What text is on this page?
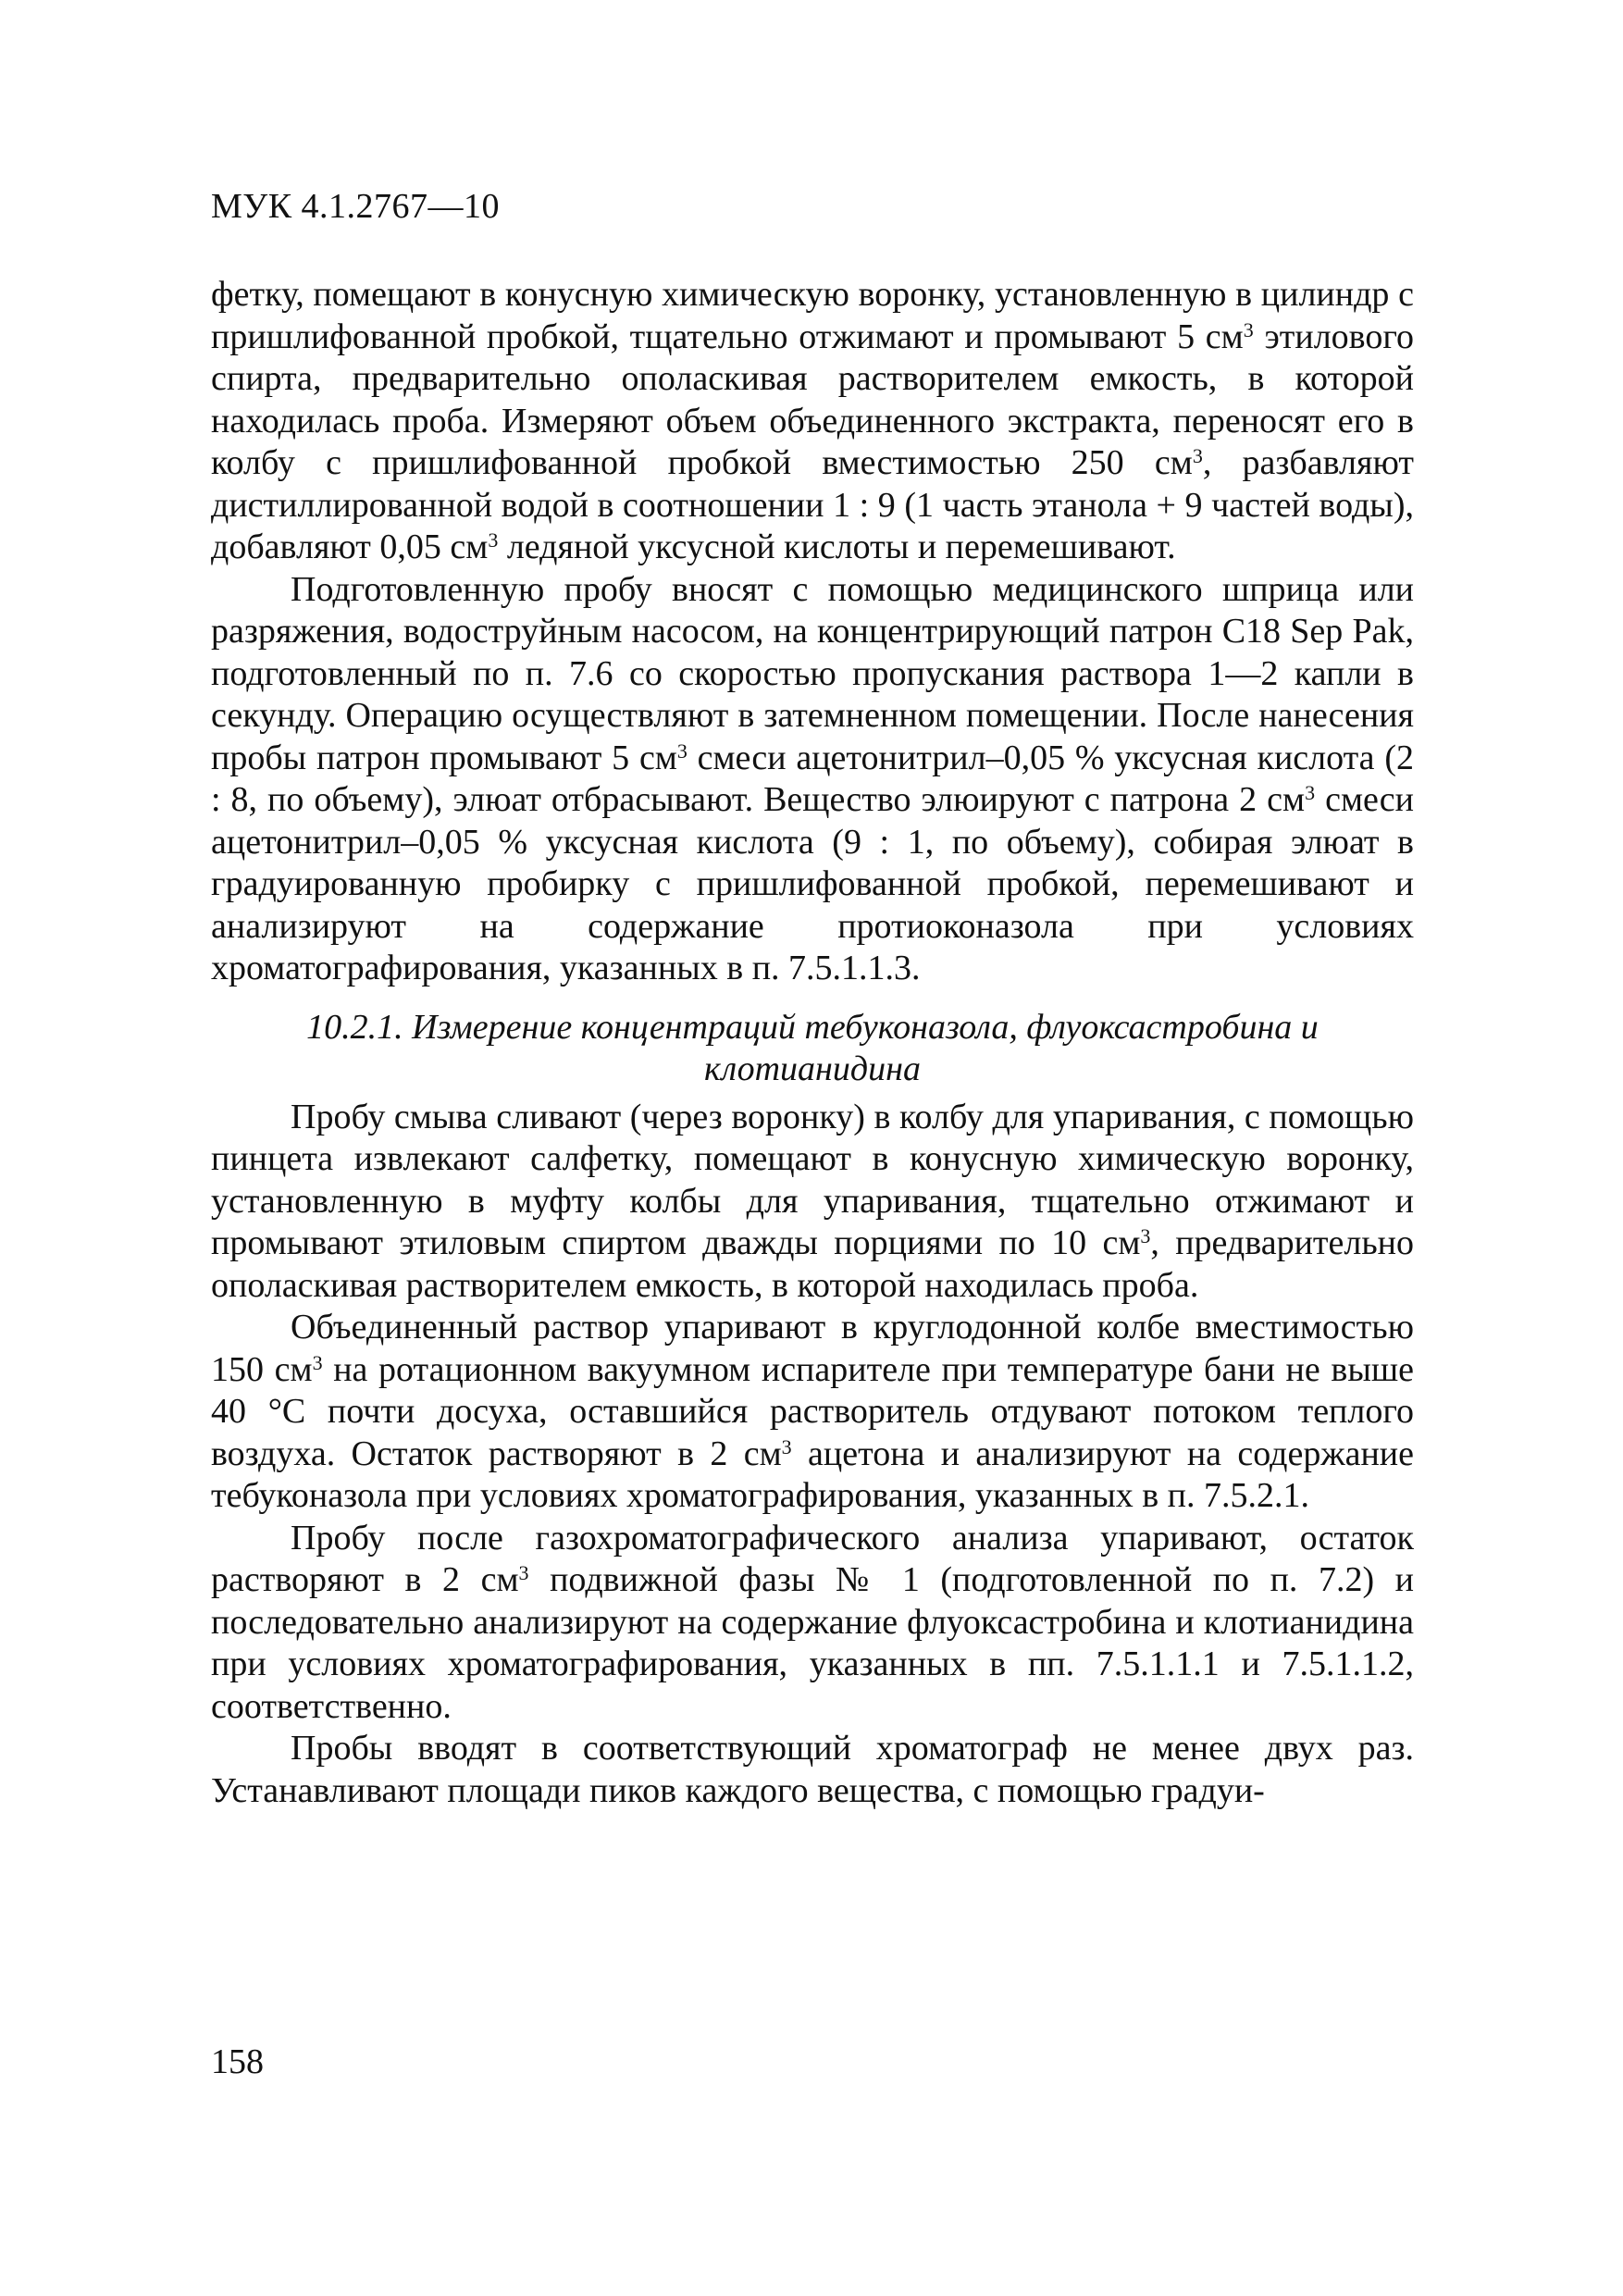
МУК 4.1.2767—10

фетку, помещают в конусную химическую воронку, установленную в цилиндр с пришлифованной пробкой, тщательно отжимают и промывают 5 $см^3$ этилового спирта, предварительно ополаскивая растворителем емкость, в которой находилась проба. Измеряют объем объединенного экстракта, переносят его в колбу с пришлифованной пробкой вместимостью 250 $см^3$, разбавляют дистиллированной водой в соотношении 1 : 9 (1 часть этанола + 9 частей воды), добавляют 0,05 $см^3$ ледяной уксусной кислоты и перемешивают.

Подготовленную пробу вносят с помощью медицинского шприца или разряжения, водоструйным насосом, на концентрирующий патрон C18 Sep Pak, подготовленный по п. 7.6 со скоростью пропускания раствора 1—2 капли в секунду. Операцию осуществляют в затемненном помещении. После нанесения пробы патрон промывают 5 $см^3$ смеси ацетонитрил–0,05 % уксусная кислота (2 : 8, по объему), элюат отбрасывают. Вещество элюируют с патрона 2 $см^3$ смеси ацетонитрил–0,05 % уксусная кислота (9 : 1, по объему), собирая элюат в градуированную пробирку с пришлифованной пробкой, перемешивают и анализируют на содержание протиоконазола при условиях хроматографирования, указанных в п. 7.5.1.1.3.

10.2.1. Измерение концентраций тебуконазола, флуоксастробина и
клотианидина

Пробу смыва сливают (через воронку) в колбу для упаривания, с помощью пинцета извлекают салфетку, помещают в конусную химическую воронку, установленную в муфту колбы для упаривания, тщательно отжимают и промывают этиловым спиртом дважды порциями по 10 $см^3$, предварительно ополаскивая растворителем емкость, в которой находилась проба.

Объединенный раствор упаривают в круглодонной колбе вместимостью 150 $см^3$ на ротационном вакуумном испарителе при температуре бани не выше 40 °C почти досуха, оставшийся растворитель отдувают потоком теплого воздуха. Остаток растворяют в 2 $см^3$ ацетона и анализируют на содержание тебуконазола при условиях хроматографирования, указанных в п. 7.5.2.1.

Пробу после газохроматографического анализа упаривают, остаток растворяют в 2 $см^3$ подвижной фазы № 1 (подготовленной по п. 7.2) и последовательно анализируют на содержание флуоксастробина и клотианидина при условиях хроматографирования, указанных в пп. 7.5.1.1.1 и 7.5.1.1.2, соответственно.

Пробы вводят в соответствующий хроматограф не менее двух раз. Устанавливают площади пиков каждого вещества, с помощью градуи-

158
